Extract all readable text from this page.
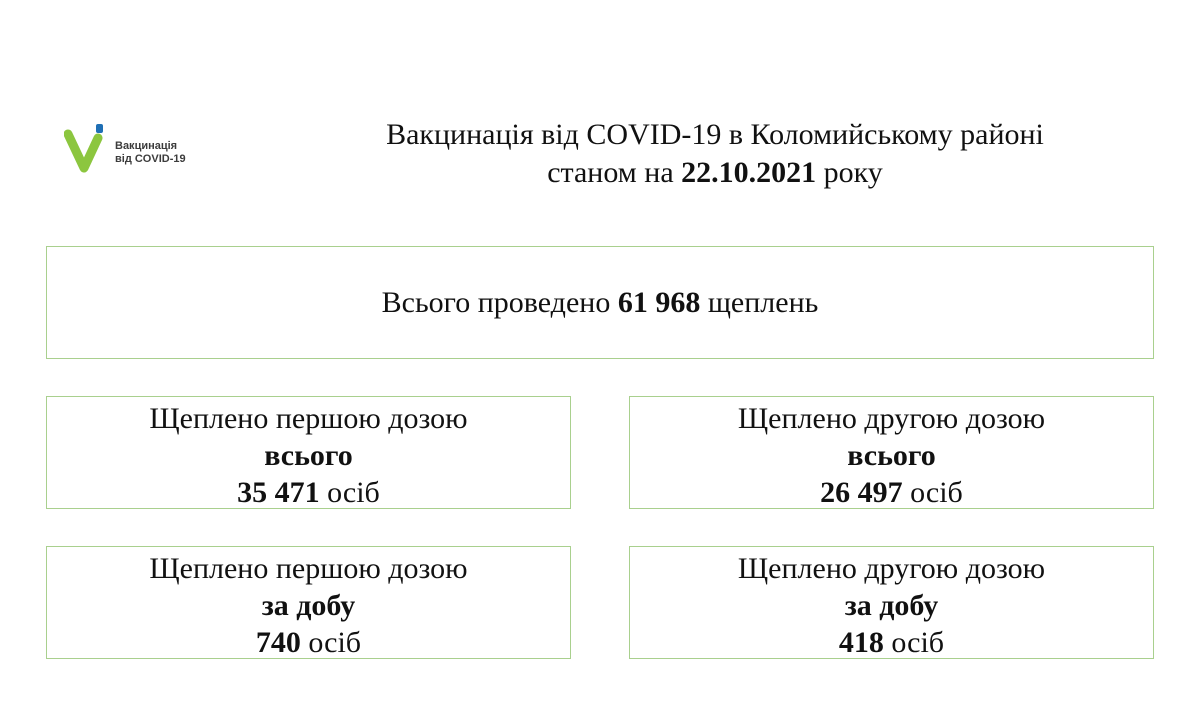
Вакцинація
від COVID-19
Вакцинація від COVID-19 в Коломийському районі
станом на 22.10.2021 року
Всього проведено 61 968 щеплень
Щеплено першою дозою
всього
35 471 осіб
Щеплено другою дозою
всього
26 497 осіб
Щеплено першою дозою
за добу
740 осіб
Щеплено другою дозою
за добу
418 осіб
